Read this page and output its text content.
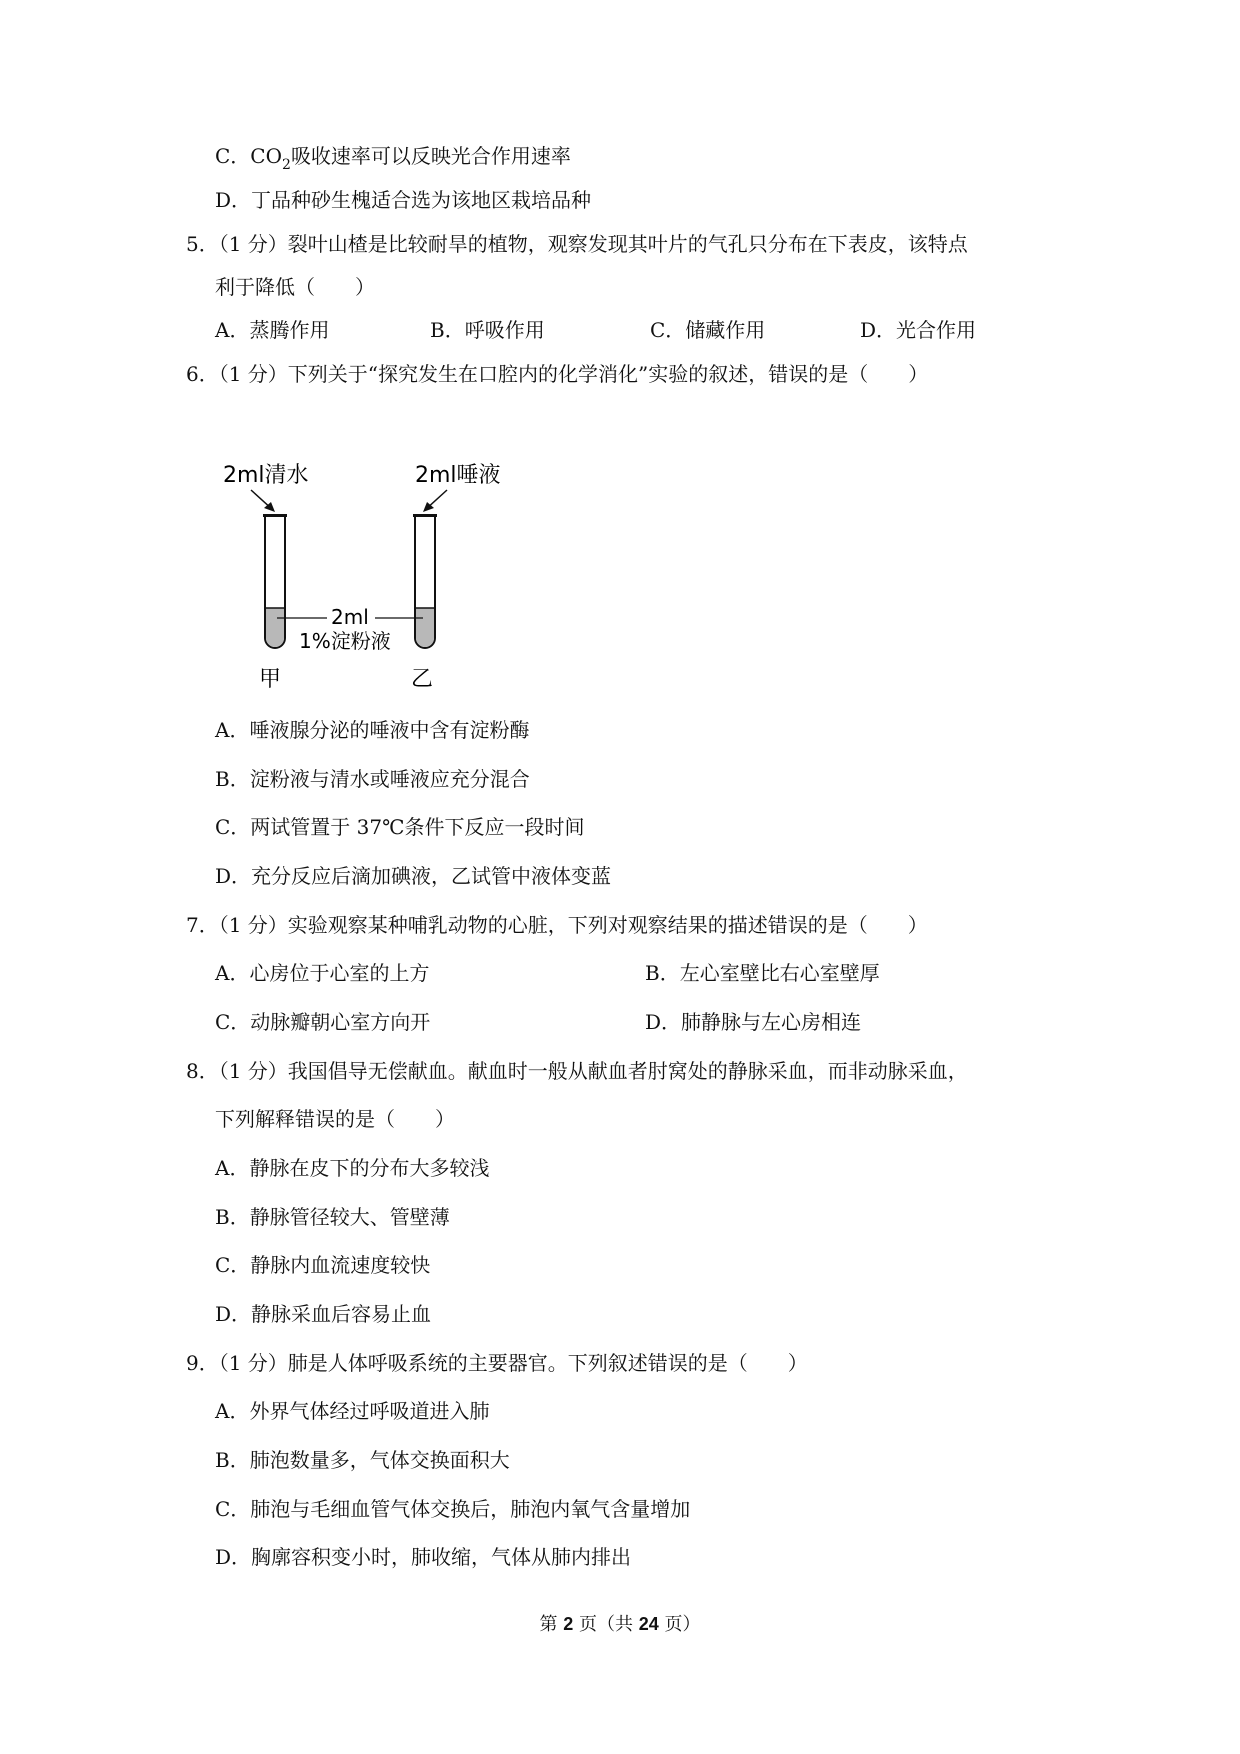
C．$CO_2$吸收速率可以反映光合作用速率
D．丁品种砂生槐适合选为该地区栽培品种
5．（1 分）裂叶山楂是比较耐旱的植物，观察发现其叶片的气孔只分布在下表皮，该特点
利于降低（　　）
A．蒸腾作用	B．呼吸作用	C．储藏作用	D．光合作用
6．（1 分）下列关于“探究发生在口腔内的化学消化”实验的叙述，错误的是（　　）
2ml清水	2ml唾液
2ml
1%淀粉液
甲	乙
A．唾液腺分泌的唾液中含有淀粉酶
B．淀粉液与清水或唾液应充分混合
C．两试管置于 37℃条件下反应一段时间
D．充分反应后滴加碘液，乙试管中液体变蓝
7．（1 分）实验观察某种哺乳动物的心脏，下列对观察结果的描述错误的是（　　）
A．心房位于心室的上方	B．左心室壁比右心室壁厚
C．动脉瓣朝心室方向开	D．肺静脉与左心房相连
8．（1 分）我国倡导无偿献血。献血时一般从献血者肘窝处的静脉采血，而非动脉采血，
下列解释错误的是（　　）
A．静脉在皮下的分布大多较浅
B．静脉管径较大、管壁薄
C．静脉内血流速度较快
D．静脉采血后容易止血
9．（1 分）肺是人体呼吸系统的主要器官。下列叙述错误的是（　　）
A．外界气体经过呼吸道进入肺
B．肺泡数量多，气体交换面积大
C．肺泡与毛细血管气体交换后，肺泡内氧气含量增加
D．胸廓容积变小时，肺收缩，气体从肺内排出
第 2 页（共 24 页）
